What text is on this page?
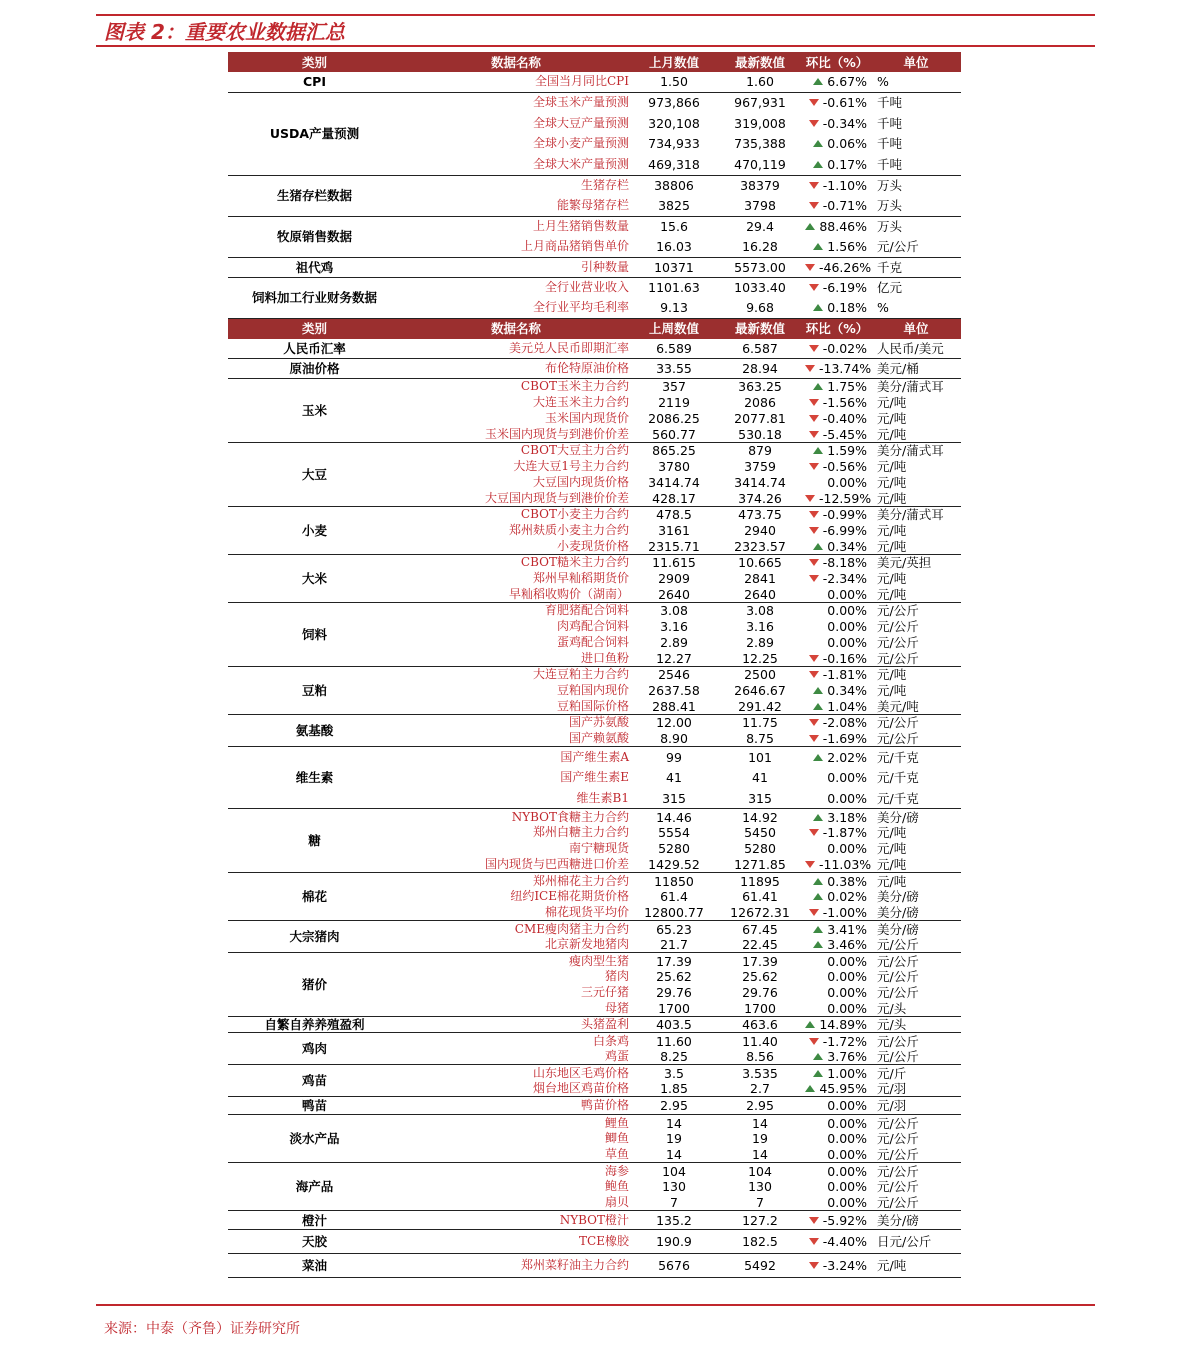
图表 2：重要农业数据汇总
类别	数据名称	上月数值	最新数值	环比（%）	单位
CPI	全国当月同比CPI	1.50	1.60	6.67%	%
USDA产量预测	全球玉米产量预测	973,866	967,931	-0.61%	千吨
	全球大豆产量预测	320,108	319,008	-0.34%	千吨
	全球小麦产量预测	734,933	735,388	0.06%	千吨
	全球大米产量预测	469,318	470,119	0.17%	千吨
生猪存栏数据	生猪存栏	38806	38379	-1.10%	万头
	能繁母猪存栏	3825	3798	-0.71%	万头
牧原销售数据	上月生猪销售数量	15.6	29.4	88.46%	万头
	上月商品猪销售单价	16.03	16.28	1.56%	元/公斤
祖代鸡	引种数量	10371	5573.00	-46.26%	千克
饲料加工行业财务数据	全行业营业收入	1101.63	1033.40	-6.19%	亿元
	全行业平均毛利率	9.13	9.68	0.18%	%
类别	数据名称	上周数值	最新数值	环比（%）	单位
人民币汇率	美元兑人民币即期汇率	6.589	6.587	-0.02%	人民币/美元
原油价格	布伦特原油价格	33.55	28.94	-13.74%	美元/桶
玉米	CBOT玉米主力合约	357	363.25	1.75%	美分/蒲式耳
	大连玉米主力合约	2119	2086	-1.56%	元/吨
	玉米国内现货价	2086.25	2077.81	-0.40%	元/吨
	玉米国内现货与到港价价差	560.77	530.18	-5.45%	元/吨
大豆	CBOT大豆主力合约	865.25	879	1.59%	美分/蒲式耳
	大连大豆1号主力合约	3780	3759	-0.56%	元/吨
	大豆国内现货价格	3414.74	3414.74	0.00%	元/吨
	大豆国内现货与到港价价差	428.17	374.26	-12.59%	元/吨
小麦	CBOT小麦主力合约	478.5	473.75	-0.99%	美分/蒲式耳
	郑州麸质小麦主力合约	3161	2940	-6.99%	元/吨
	小麦现货价格	2315.71	2323.57	0.34%	元/吨
大米	CBOT糙米主力合约	11.615	10.665	-8.18%	美元/英担
	郑州早籼稻期货价	2909	2841	-2.34%	元/吨
	早籼稻收购价（湖南）	2640	2640	0.00%	元/吨
饲料	育肥猪配合饲料	3.08	3.08	0.00%	元/公斤
	肉鸡配合饲料	3.16	3.16	0.00%	元/公斤
	蛋鸡配合饲料	2.89	2.89	0.00%	元/公斤
	进口鱼粉	12.27	12.25	-0.16%	元/公斤
豆粕	大连豆粕主力合约	2546	2500	-1.81%	元/吨
	豆粕国内现价	2637.58	2646.67	0.34%	元/吨
	豆粕国际价格	288.41	291.42	1.04%	美元/吨
氨基酸	国产苏氨酸	12.00	11.75	-2.08%	元/公斤
	国产赖氨酸	8.90	8.75	-1.69%	元/公斤
维生素	国产维生素A	99	101	2.02%	元/千克
	国产维生素E	41	41	0.00%	元/千克
	维生素B1	315	315	0.00%	元/千克
糖	NYBOT食糖主力合约	14.46	14.92	3.18%	美分/磅
	郑州白糖主力合约	5554	5450	-1.87%	元/吨
	南宁糖现货	5280	5280	0.00%	元/吨
	国内现货与巴西糖进口价差	1429.52	1271.85	-11.03%	元/吨
棉花	郑州棉花主力合约	11850	11895	0.38%	元/吨
	纽约ICE棉花期货价格	61.4	61.41	0.02%	美分/磅
	棉花现货平均价	12800.77	12672.31	-1.00%	美分/磅
大宗猪肉	CME瘦肉猪主力合约	65.23	67.45	3.41%	美分/磅
	北京新发地猪肉	21.7	22.45	3.46%	元/公斤
猪价	瘦肉型生猪	17.39	17.39	0.00%	元/公斤
	猪肉	25.62	25.62	0.00%	元/公斤
	三元仔猪	29.76	29.76	0.00%	元/公斤
	母猪	1700	1700	0.00%	元/头
自繁自养养殖盈利	头猪盈利	403.5	463.6	14.89%	元/头
鸡肉	白条鸡	11.60	11.40	-1.72%	元/公斤
	鸡蛋	8.25	8.56	3.76%	元/公斤
鸡苗	山东地区毛鸡价格	3.5	3.535	1.00%	元/斤
	烟台地区鸡苗价格	1.85	2.7	45.95%	元/羽
鸭苗	鸭苗价格	2.95	2.95	0.00%	元/羽
淡水产品	鲤鱼	14	14	0.00%	元/公斤
	鲫鱼	19	19	0.00%	元/公斤
	草鱼	14	14	0.00%	元/公斤
海产品	海参	104	104	0.00%	元/公斤
	鲍鱼	130	130	0.00%	元/公斤
	扇贝	7	7	0.00%	元/公斤
橙汁	NYBOT橙汁	135.2	127.2	-5.92%	美分/磅
天胶	TCE橡胶	190.9	182.5	-4.40%	日元/公斤
菜油	郑州菜籽油主力合约	5676	5492	-3.24%	元/吨
来源：中泰（齐鲁）证券研究所
